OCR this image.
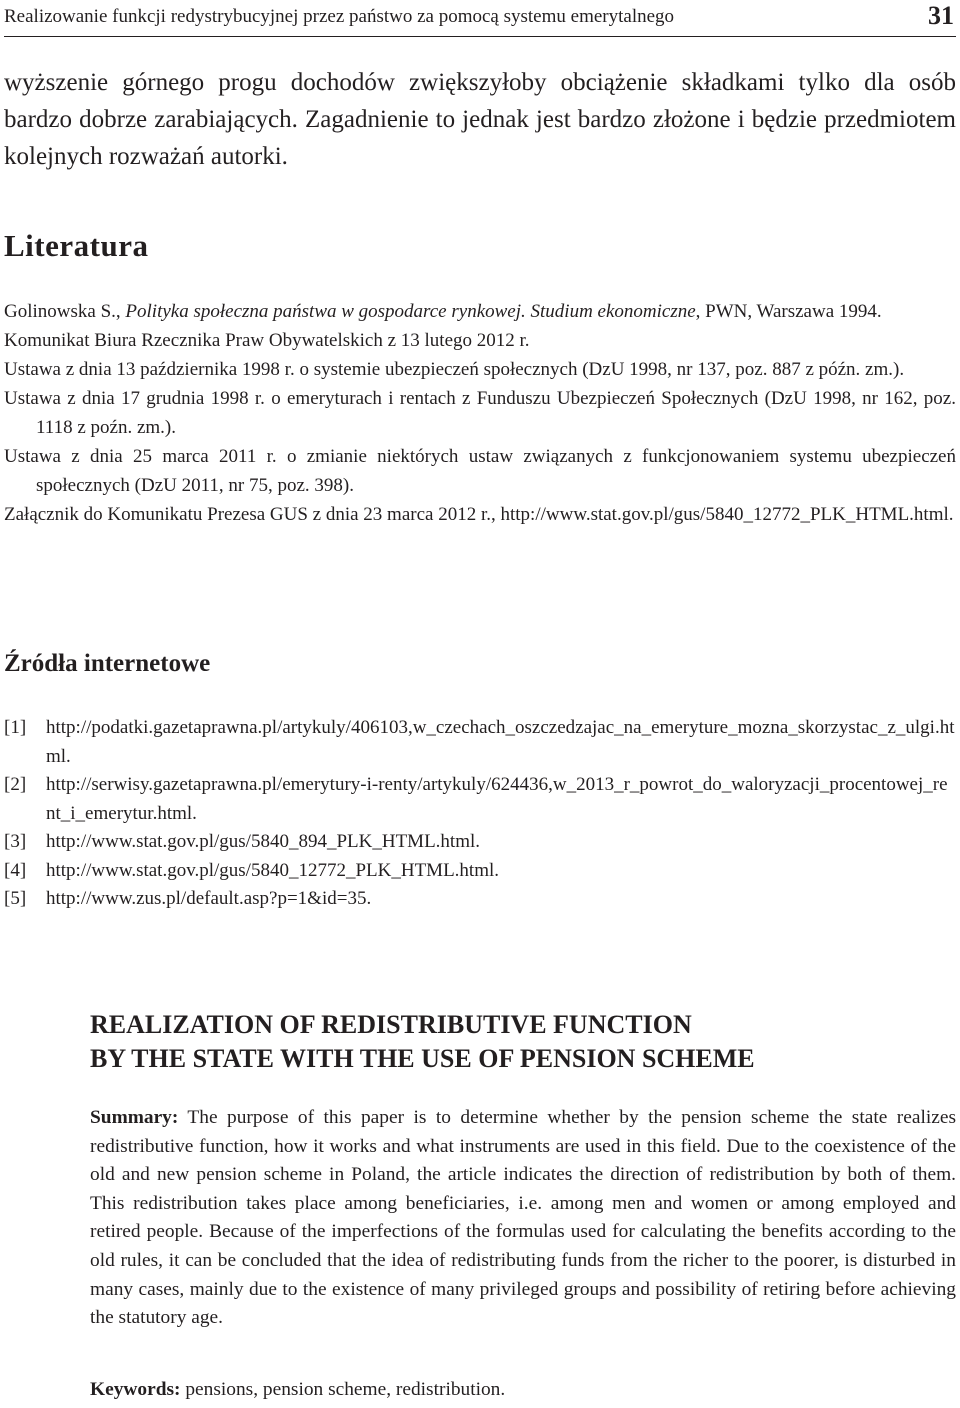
Realizowanie funkcji redystrybucyjnej przez państwo za pomocą systemu emerytalnego	31

wyższenie górnego progu dochodów zwiększyłoby obciążenie składkami tylko dla osób bardzo dobrze zarabiających. Zagadnienie to jednak jest bardzo złożone i będzie przedmiotem kolejnych rozważań autorki.

Literatura
Golinowska S., Polityka społeczna państwa w gospodarce rynkowej. Studium ekonomiczne, PWN, Warszawa 1994.
Komunikat Biura Rzecznika Praw Obywatelskich z 13 lutego 2012 r.
Ustawa z dnia 13 października 1998 r. o systemie ubezpieczeń społecznych (DzU 1998, nr 137, poz. 887 z późn. zm.).
Ustawa z dnia 17 grudnia 1998 r. o emeryturach i rentach z Funduszu Ubezpieczeń Społecznych (DzU 1998, nr 162, poz. 1118 z poźn. zm.).
Ustawa z dnia 25 marca 2011 r. o zmianie niektórych ustaw związanych z funkcjonowaniem systemu ubezpieczeń społecznych (DzU 2011, nr 75, poz. 398).
Załącznik do Komunikatu Prezesa GUS z dnia 23 marca 2012 r., http://www.stat.gov.pl/gus/5840_12772_PLK_HTML.html.
Źródła internetowe
[1]	http://podatki.gazetaprawna.pl/artykuly/406103,w_czechach_oszczedzajac_na_emeryture_mozna_skorzystac_z_ulgi.html.
[2]	http://serwisy.gazetaprawna.pl/emerytury-i-renty/artykuly/624436,w_2013_r_powrot_do_waloryzacji_procentowej_rent_i_emerytur.html.
[3]	http://www.stat.gov.pl/gus/5840_894_PLK_HTML.html.
[4]	http://www.stat.gov.pl/gus/5840_12772_PLK_HTML.html.
[5]	http://www.zus.pl/default.asp?p=1&id=35.
REALIZATION OF REDISTRIBUTIVE FUNCTION
BY THE STATE WITH THE USE OF PENSION SCHEME

Summary: The purpose of this paper is to determine whether by the pension scheme the state realizes redistributive function, how it works and what instruments are used in this field. Due to the coexistence of the old and new pension scheme in Poland, the article indicates the direction of redistribution by both of them. This redistribution takes place among beneficiaries, i.e. among men and women or among employed and retired people. Because of the imperfections of the formulas used for calculating the benefits according to the old rules, it can be concluded that the idea of redistributing funds from the richer to the poorer, is disturbed in many cases, mainly due to the existence of many privileged groups and possibility of retiring before achieving the statutory age.

Keywords: pensions, pension scheme, redistribution.
